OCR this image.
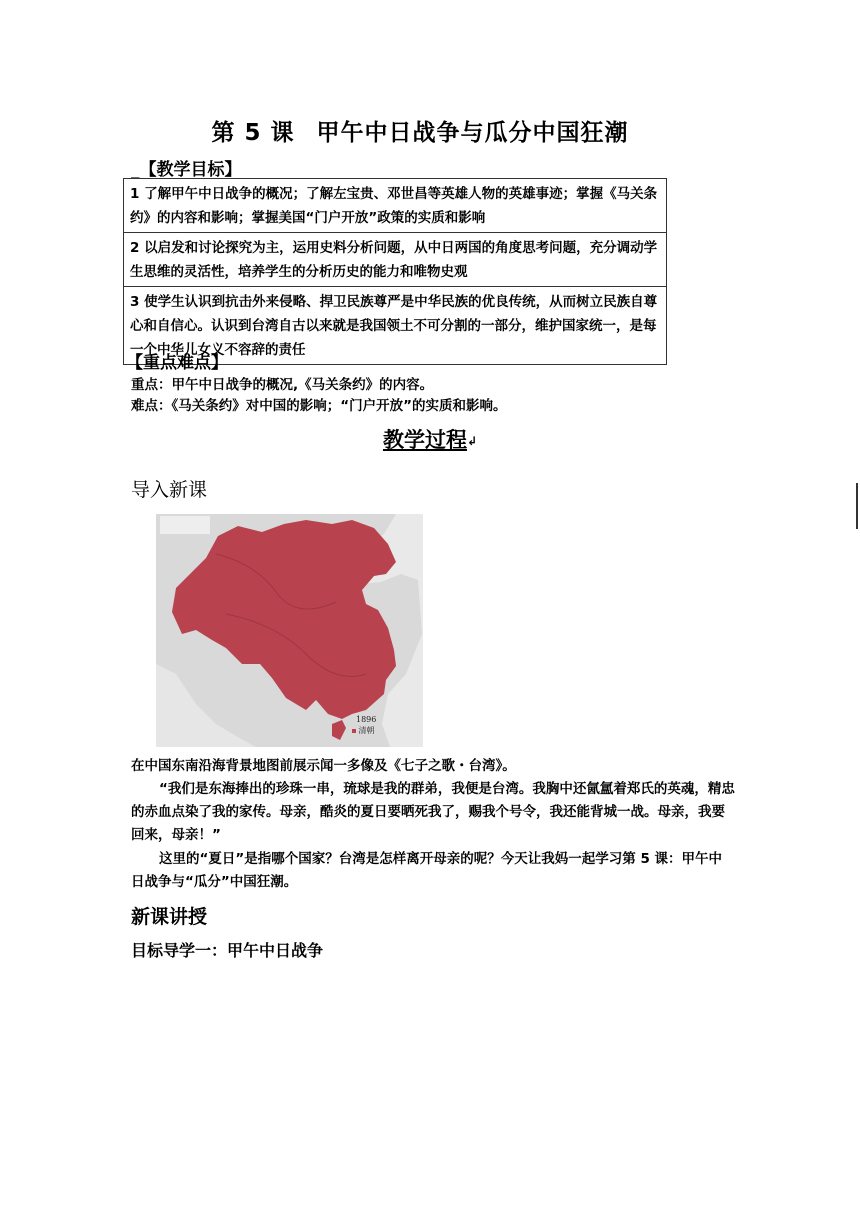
第 5 课 甲午中日战争与瓜分中国狂潮
_【教学目标】
1 了解甲午中日战争的概况；了解左宝贵、邓世昌等英雄人物的英雄事迹；掌握《马关条约》的内容和影响；掌握美国“门户开放”政策的实质和影响
2 以启发和讨论探究为主，运用史料分析问题，从中日两国的角度思考问题，充分调动学生思维的灵活性，培养学生的分析历史的能力和唯物史观
3 使学生认识到抗击外来侵略、捍卫民族尊严是中华民族的优良传统，从而树立民族自尊心和自信心。认识到台湾自古以来就是我国领土不可分割的一部分，维护国家统一，是每一个中华儿女义不容辞的责任
【重点难点】
重点：甲午中日战争的概况,《马关条约》的内容。
难点：《马关条约》对中国的影响；“门户开放”的实质和影响。
教学过程↲
导入新课
1896
清朝
在中国东南沿海背景地图前展示闻一多像及《七子之歌・台湾》。
“我们是东海捧出的珍珠一串，琉球是我的群弟，我便是台湾。我胸中还氤氲着郑氏的英魂，精忠的赤血点染了我的家传。母亲，酷炎的夏日要晒死我了，赐我个号令，我还能背城一战。母亲，我要回来，母亲！”
这里的“夏日”是指哪个国家？台湾是怎样离开母亲的呢？今天让我妈一起学习第 5 课：甲午中日战争与“瓜分”中国狂潮。
新课讲授
目标导学一：甲午中日战争
